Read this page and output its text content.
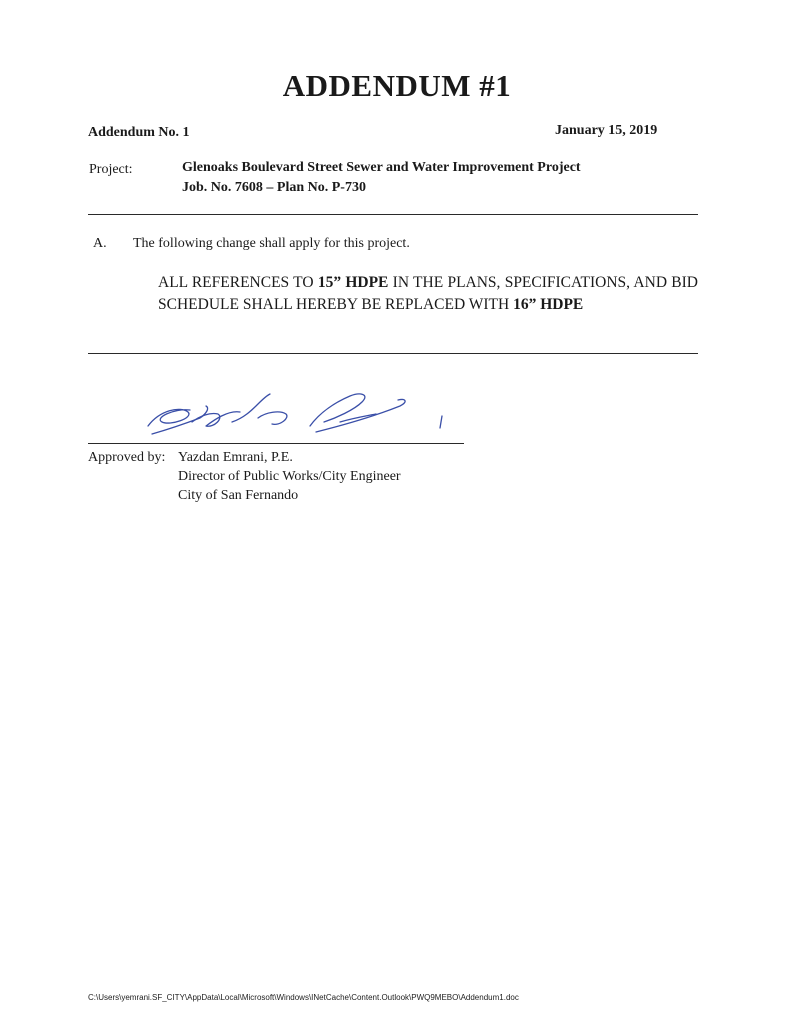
ADDENDUM #1
Addendum No. 1	January 15, 2019
Project:	Glenoaks Boulevard Street Sewer and Water Improvement Project
Job. No. 7608 – Plan No. P-730
A. The following change shall apply for this project.
ALL REFERENCES TO 15” HDPE IN THE PLANS, SPECIFICATIONS, AND BID SCHEDULE SHALL HEREBY BE REPLACED WITH 16” HDPE
Approved by: Yazdan Emrani, P.E.
Director of Public Works/City Engineer
City of San Fernando
C:\Users\yemrani.SF_CITY\AppData\Local\Microsoft\Windows\INetCache\Content.Outlook\PWQ9MEBO\Addendum1.doc
